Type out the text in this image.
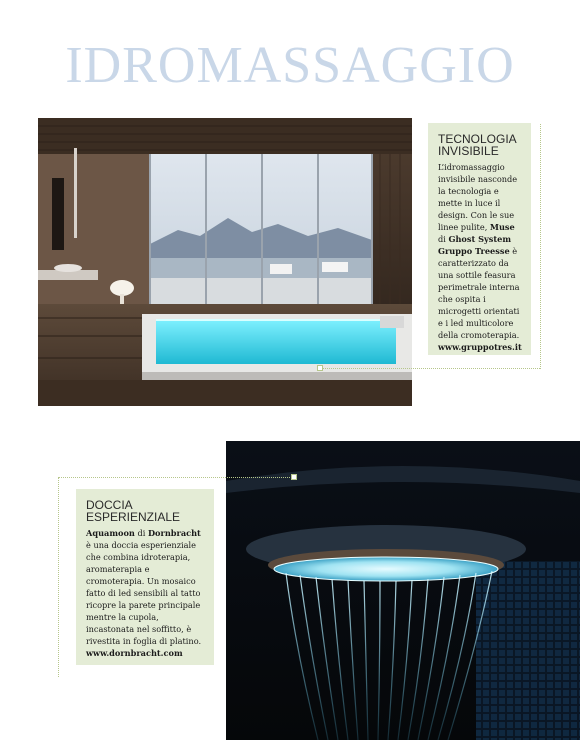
IDROMASSAGGIO
TECNOLOGIA INVISIBILE

L’idromassaggio invisibile nasconde la tecnologia e mette in luce il design. Con le sue linee pulite, Muse di Ghost System Gruppo Treesse è caratterizzato da una sottile feasura perimetrale interna che ospita i microgetti orientati e i led multicolore della cromoterapia. www.gruppotres.it

DOCCIA ESPERIENZIALE

Aquamoon di Dornbracht è una doccia esperienziale che combina idroterapia, aromaterapia e cromoterapia. Un mosaico fatto di led sensibili al tatto ricopre la parete principale mentre la cupola, incastonata nel soffitto, è rivestita in foglia di platino. www.dornbracht.com
